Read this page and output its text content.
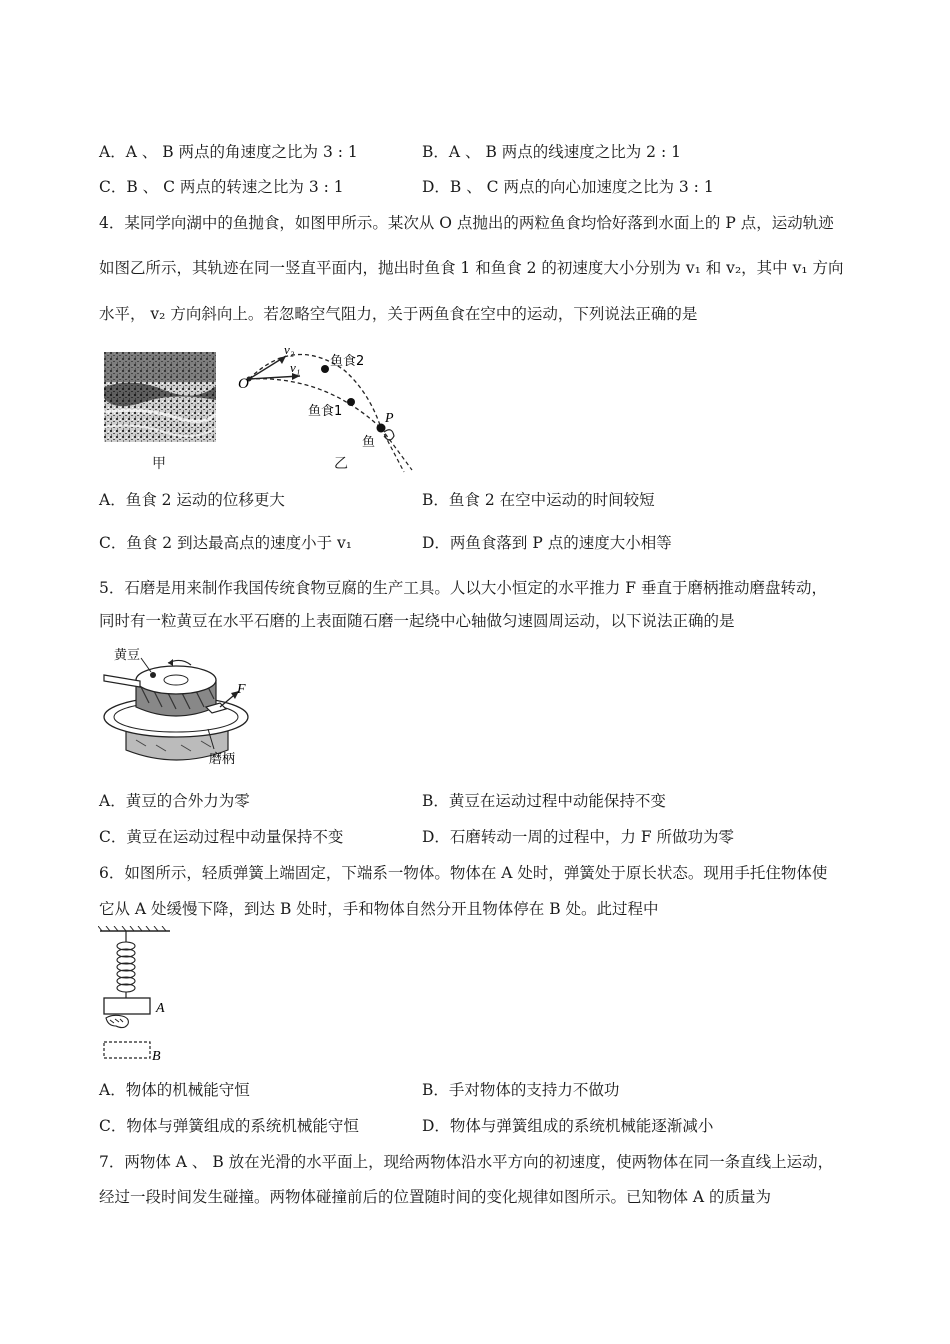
A．A 、 B 两点的角速度之比为 3 : 1	B．A 、 B 两点的线速度之比为 2 : 1
C．B 、 C 两点的转速之比为 3 : 1	D．B 、 C 两点的向心加速度之比为 3 : 1
4．某同学向湖中的鱼抛食，如图甲所示。某次从 O 点抛出的两粒鱼食均恰好落到水面上的 P 点，运动轨迹
如图乙所示，其轨迹在同一竖直平面内，抛出时鱼食 1 和鱼食 2 的初速度大小分别为 v₁ 和 v₂，其中 v₁ 方向
水平， v₂ 方向斜向上。若忽略空气阻力，关于两鱼食在空中的运动，下列说法正确的是
甲
O
v₂
v₁ 鱼食2
鱼食1	P
鱼
乙
A．鱼食 2 运动的位移更大	B．鱼食 2 在空中运动的时间较短
C．鱼食 2 到达最高点的速度小于 v₁	D．两鱼食落到 P 点的速度大小相等
5．石磨是用来制作我国传统食物豆腐的生产工具。人以大小恒定的水平推力 F 垂直于磨柄推动磨盘转动，
同时有一粒黄豆在水平石磨的上表面随石磨一起绕中心轴做匀速圆周运动，以下说法正确的是
黄豆
F
磨柄
A．黄豆的合外力为零	B．黄豆在运动过程中动能保持不变
C．黄豆在运动过程中动量保持不变	D．石磨转动一周的过程中，力 F 所做功为零
6．如图所示，轻质弹簧上端固定，下端系一物体。物体在 A 处时，弹簧处于原长状态。现用手托住物体使
它从 A 处缓慢下降，到达 B 处时，手和物体自然分开且物体停在 B 处。此过程中
A
B
A．物体的机械能守恒	B．手对物体的支持力不做功
C．物体与弹簧组成的系统机械能守恒	D．物体与弹簧组成的系统机械能逐渐减小
7．两物体 A 、 B 放在光滑的水平面上，现给两物体沿水平方向的初速度，使两物体在同一条直线上运动，
经过一段时间发生碰撞。两物体碰撞前后的位置随时间的变化规律如图所示。已知物体 A 的质量为
